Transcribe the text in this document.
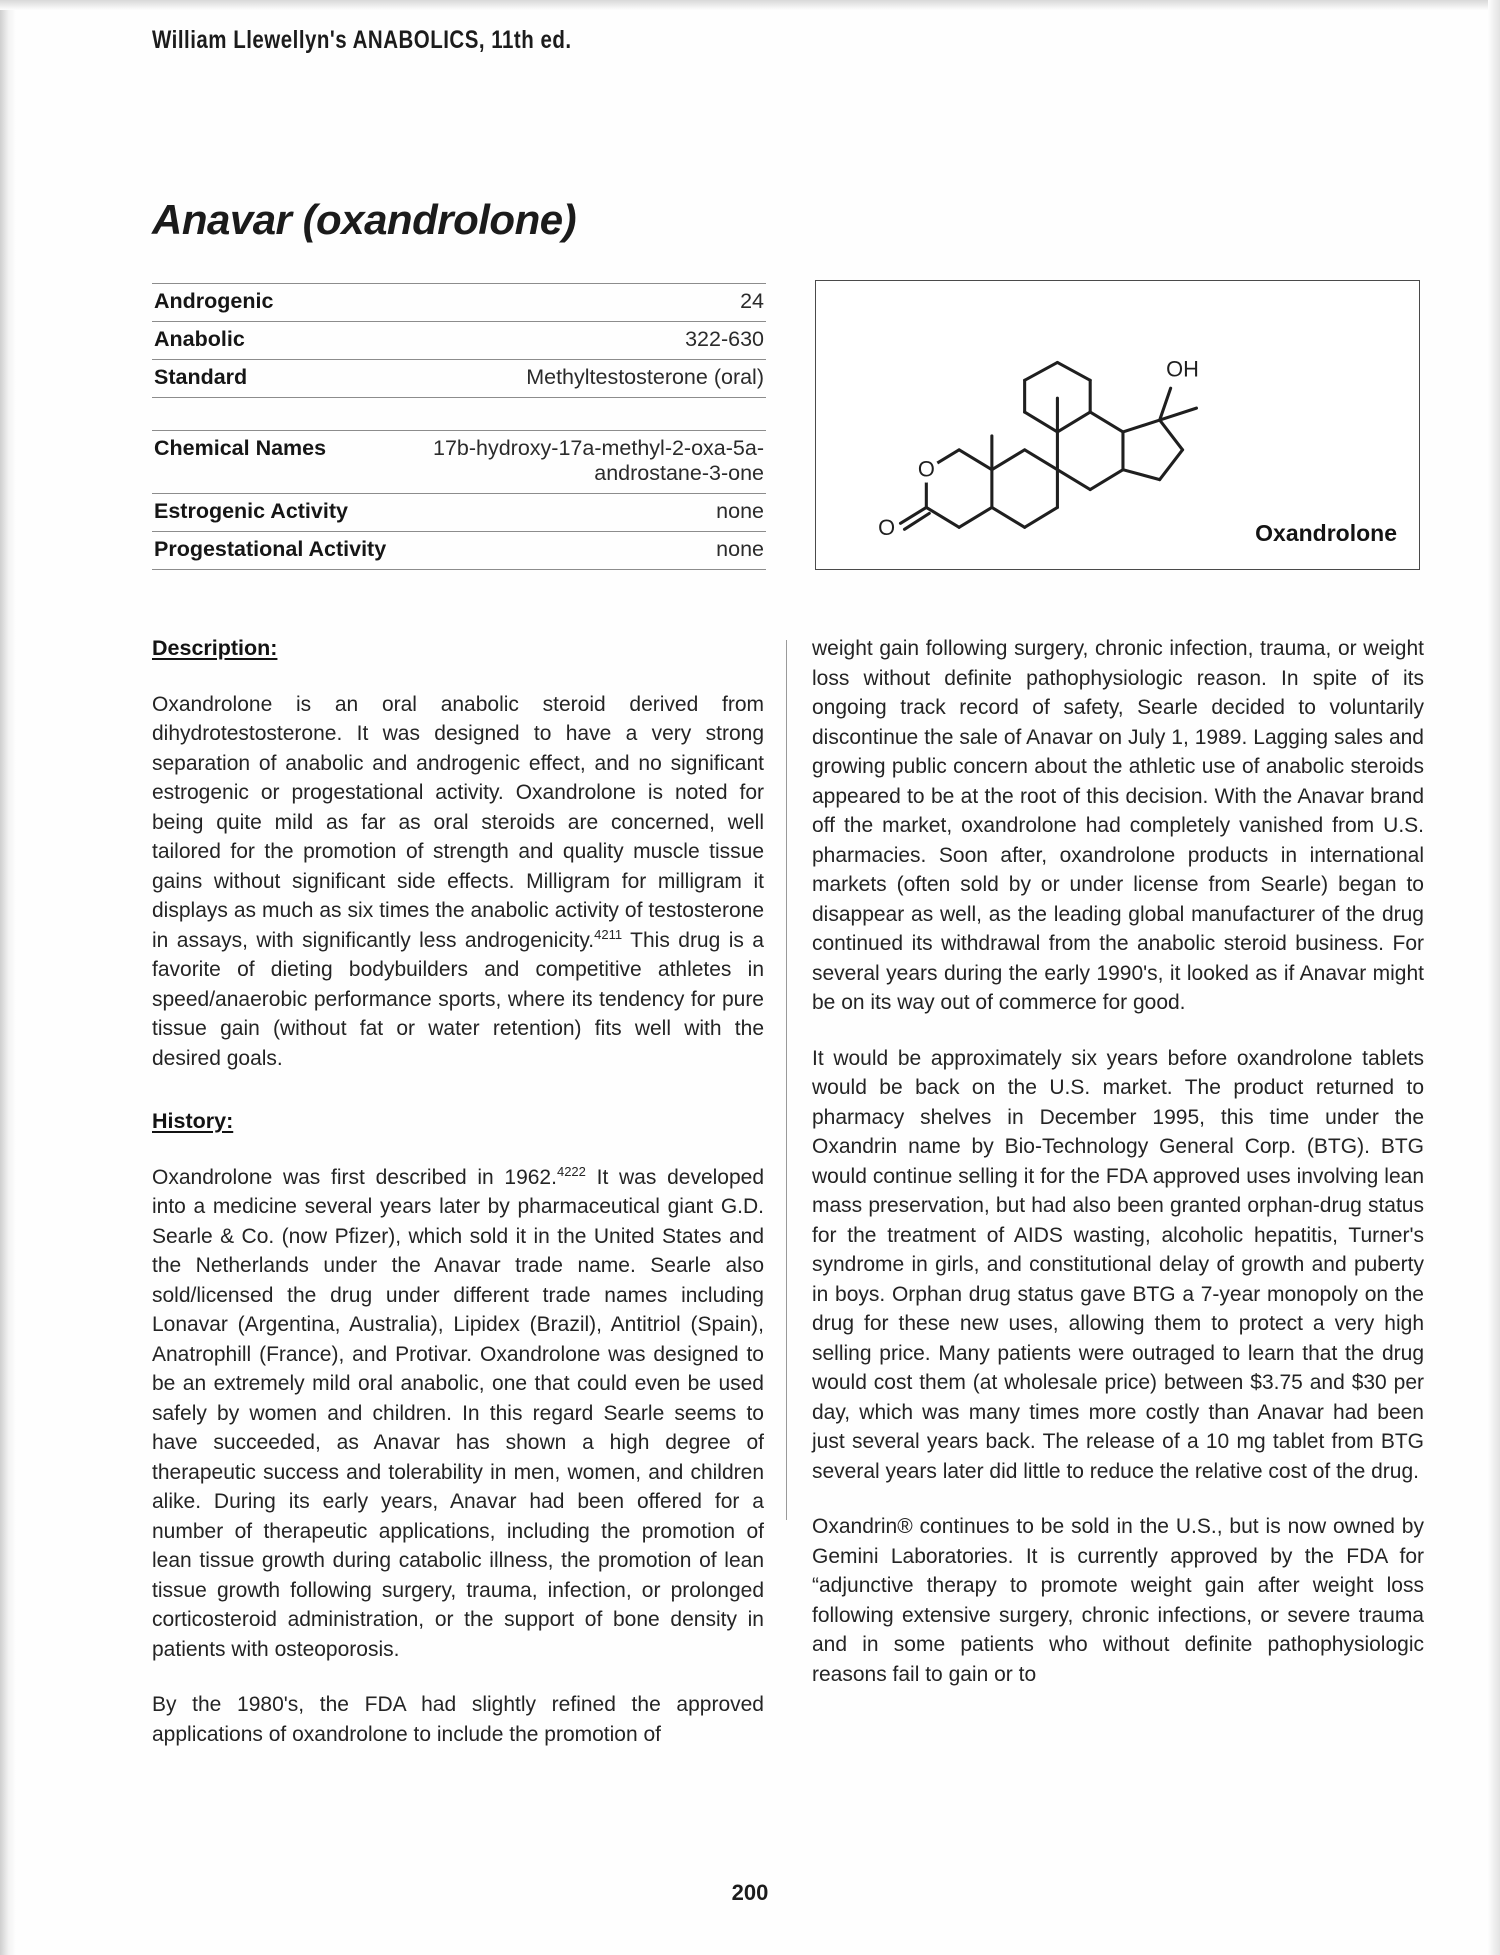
William Llewellyn's ANABOLICS, 11th ed.
Anavar (oxandrolone)
Androgenic	24
Anabolic	322-630
Standard	Methyltestosterone (oral)
Chemical Names	17b-hydroxy-17a-methyl-2-oxa-5a-androstane-3-one
Estrogenic Activity	none
Progestational Activity	none
O
O
OH
Oxandrolone
Description:

Oxandrolone is an oral anabolic steroid derived from dihydrotestosterone. It was designed to have a very strong separation of anabolic and androgenic effect, and no significant estrogenic or progestational activity. Oxandrolone is noted for being quite mild as far as oral steroids are concerned, well tailored for the promotion of strength and quality muscle tissue gains without significant side effects. Milligram for milligram it displays as much as six times the anabolic activity of testosterone in assays, with significantly less androgenicity.$^{4211}$ This drug is a favorite of dieting bodybuilders and competitive athletes in speed/anaerobic performance sports, where its tendency for pure tissue gain (without fat or water retention) fits well with the desired goals.

History:

Oxandrolone was first described in 1962.$^{4222}$ It was developed into a medicine several years later by pharmaceutical giant G.D. Searle & Co. (now Pfizer), which sold it in the United States and the Netherlands under the Anavar trade name. Searle also sold/licensed the drug under different trade names including Lonavar (Argentina, Australia), Lipidex (Brazil), Antitriol (Spain), Anatrophill (France), and Protivar. Oxandrolone was designed to be an extremely mild oral anabolic, one that could even be used safely by women and children. In this regard Searle seems to have succeeded, as Anavar has shown a high degree of therapeutic success and tolerability in men, women, and children alike. During its early years, Anavar had been offered for a number of therapeutic applications, including the promotion of lean tissue growth during catabolic illness, the promotion of lean tissue growth following surgery, trauma, infection, or prolonged corticosteroid administration, or the support of bone density in patients with osteoporosis.

By the 1980's, the FDA had slightly refined the approved applications of oxandrolone to include the promotion of

weight gain following surgery, chronic infection, trauma, or weight loss without definite pathophysiologic reason. In spite of its ongoing track record of safety, Searle decided to voluntarily discontinue the sale of Anavar on July 1, 1989. Lagging sales and growing public concern about the athletic use of anabolic steroids appeared to be at the root of this decision. With the Anavar brand off the market, oxandrolone had completely vanished from U.S. pharmacies. Soon after, oxandrolone products in international markets (often sold by or under license from Searle) began to disappear as well, as the leading global manufacturer of the drug continued its withdrawal from the anabolic steroid business. For several years during the early 1990's, it looked as if Anavar might be on its way out of commerce for good.

It would be approximately six years before oxandrolone tablets would be back on the U.S. market. The product returned to pharmacy shelves in December 1995, this time under the Oxandrin name by Bio-Technology General Corp. (BTG). BTG would continue selling it for the FDA approved uses involving lean mass preservation, but had also been granted orphan-drug status for the treatment of AIDS wasting, alcoholic hepatitis, Turner's syndrome in girls, and constitutional delay of growth and puberty in boys. Orphan drug status gave BTG a 7-year monopoly on the drug for these new uses, allowing them to protect a very high selling price. Many patients were outraged to learn that the drug would cost them (at wholesale price) between $3.75 and $30 per day, which was many times more costly than Anavar had been just several years back. The release of a 10 mg tablet from BTG several years later did little to reduce the relative cost of the drug.

Oxandrin® continues to be sold in the U.S., but is now owned by Gemini Laboratories. It is currently approved by the FDA for “adjunctive therapy to promote weight gain after weight loss following extensive surgery, chronic infections, or severe trauma and in some patients who without definite pathophysiologic reasons fail to gain or to

200
